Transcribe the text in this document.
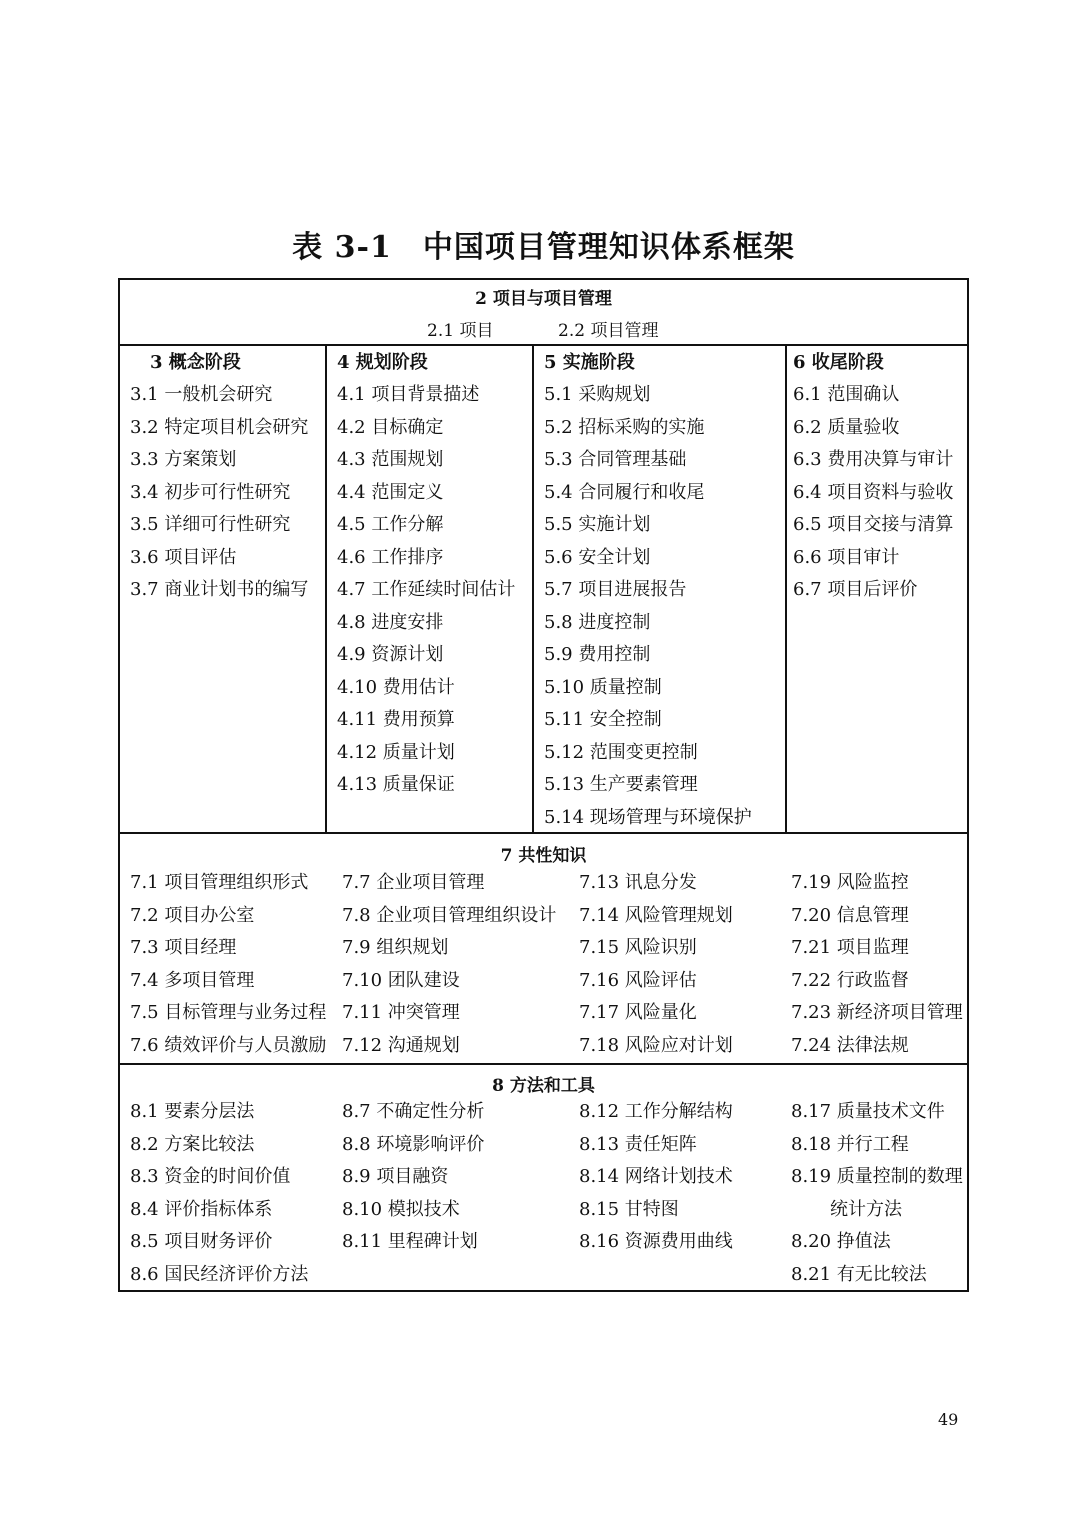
表 3-1　中国项目管理知识体系框架
2 项目与项目管理
2.1 项目	2.2 项目管理
3 概念阶段
3.1 一般机会研究
3.2 特定项目机会研究
3.3 方案策划
3.4 初步可行性研究
3.5 详细可行性研究
3.6 项目评估
3.7 商业计划书的编写
4 规划阶段
4.1 项目背景描述
4.2 目标确定
4.3 范围规划
4.4 范围定义
4.5 工作分解
4.6 工作排序
4.7 工作延续时间估计
4.8 进度安排
4.9 资源计划
4.10 费用估计
4.11 费用预算
4.12 质量计划
4.13 质量保证
5 实施阶段
5.1 采购规划
5.2 招标采购的实施
5.3 合同管理基础
5.4 合同履行和收尾
5.5 实施计划
5.6 安全计划
5.7 项目进展报告
5.8 进度控制
5.9 费用控制
5.10 质量控制
5.11 安全控制
5.12 范围变更控制
5.13 生产要素管理
5.14 现场管理与环境保护
6 收尾阶段
6.1 范围确认
6.2 质量验收
6.3 费用决算与审计
6.4 项目资料与验收
6.5 项目交接与清算
6.6 项目审计
6.7 项目后评价
7 共性知识
7.1 项目管理组织形式
7.2 项目办公室
7.3 项目经理
7.4 多项目管理
7.5 目标管理与业务过程
7.6 绩效评价与人员激励
7.7 企业项目管理
7.8 企业项目管理组织设计
7.9 组织规划
7.10 团队建设
7.11 冲突管理
7.12 沟通规划
7.13 讯息分发
7.14 风险管理规划
7.15 风险识别
7.16 风险评估
7.17 风险量化
7.18 风险应对计划
7.19 风险监控
7.20 信息管理
7.21 项目监理
7.22 行政监督
7.23 新经济项目管理
7.24 法律法规
8 方法和工具
8.1 要素分层法
8.2 方案比较法
8.3 资金的时间价值
8.4 评价指标体系
8.5 项目财务评价
8.6 国民经济评价方法
8.7 不确定性分析
8.8 环境影响评价
8.9 项目融资
8.10 模拟技术
8.11 里程碑计划
8.12 工作分解结构
8.13 责任矩阵
8.14 网络计划技术
8.15 甘特图
8.16 资源费用曲线
8.17 质量技术文件
8.18 并行工程
8.19 质量控制的数理
统计方法
8.20 挣值法
8.21 有无比较法
49
